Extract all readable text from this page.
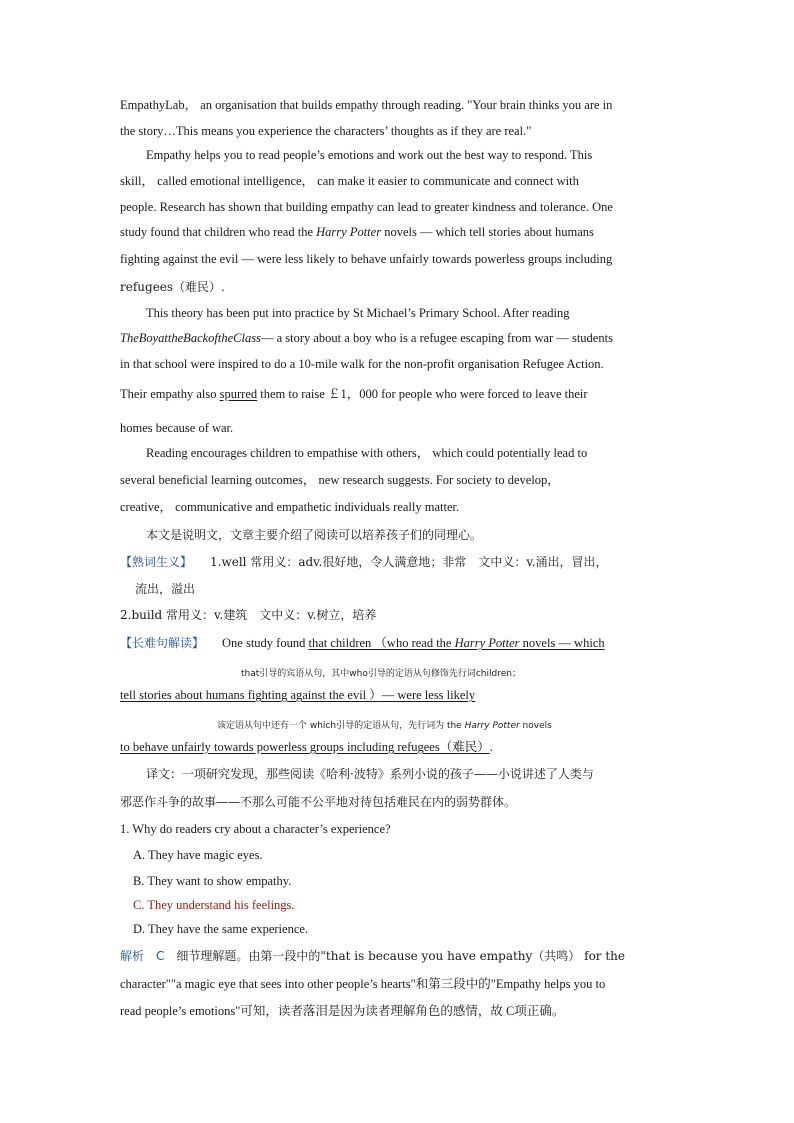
EmpathyLab， an organisation that builds empathy through reading. "Your brain thinks you are in
the story…This means you experience the characters’ thoughts as if they are real."
Empathy helps you to read people’s emotions and work out the best way to respond. This
skill， called emotional intelligence， can make it easier to communicate and connect with
people. Research has shown that building empathy can lead to greater kindness and tolerance. One
study found that children who read the Harry Potter novels — which tell stories about humans
fighting against the evil — were less likely to behave unfairly towards powerless groups including
refugees（难民）.
This theory has been put into practice by St Michael’s Primary School. After reading
TheBoyattheBackoftheClass— a story about a boy who is a refugee escaping from war — students
in that school were inspired to do a 10-mile walk for the non-profit organisation Refugee Action.
Their empathy also spurred them to raise ￡1，000 for people who were forced to leave their
homes because of war.
Reading encourages children to empathise with others， which could potentially lead to
several beneficial learning outcomes， new research suggests. For society to develop，
creative， communicative and empathetic individuals really matter.
本文是说明文，文章主要介绍了阅读可以培养孩子们的同理心。
【熟词生义】 1.well 常用义：adv.很好地，令人满意地；非常　文中义：v.涌出，冒出，
流出，溢出
2.build 常用义：v.建筑　文中义：v.树立，培养
【长难句解读】 One study found that children （who read the Harry Potter novels — which
that引导的宾语从句，其中who引导的定语从句修饰先行词children；
tell stories about humans fighting against the evil ）— were less likely
该定语从句中还有一个 which引导的定语从句，先行词为 the Harry Potter novels
to behave unfairly towards powerless groups including refugees（难民）.
译文：一项研究发现，那些阅读《哈利·波特》系列小说的孩子——小说讲述了人类与
邪恶作斗争的故事——不那么可能不公平地对待包括难民在内的弱势群体。
1. Why do readers cry about a character’s experience?
A. They have magic eyes.
B. They want to show empathy.
C. They understand his feelings.
D. They have the same experience.
解析 C 细节理解题。由第一段中的"that is because you have empathy（共鸣） for the
character""a magic eye that sees into other people’s hearts"和第三段中的"Empathy helps you to
read people’s emotions"可知，读者落泪是因为读者理解角色的感情，故 C项正确。
